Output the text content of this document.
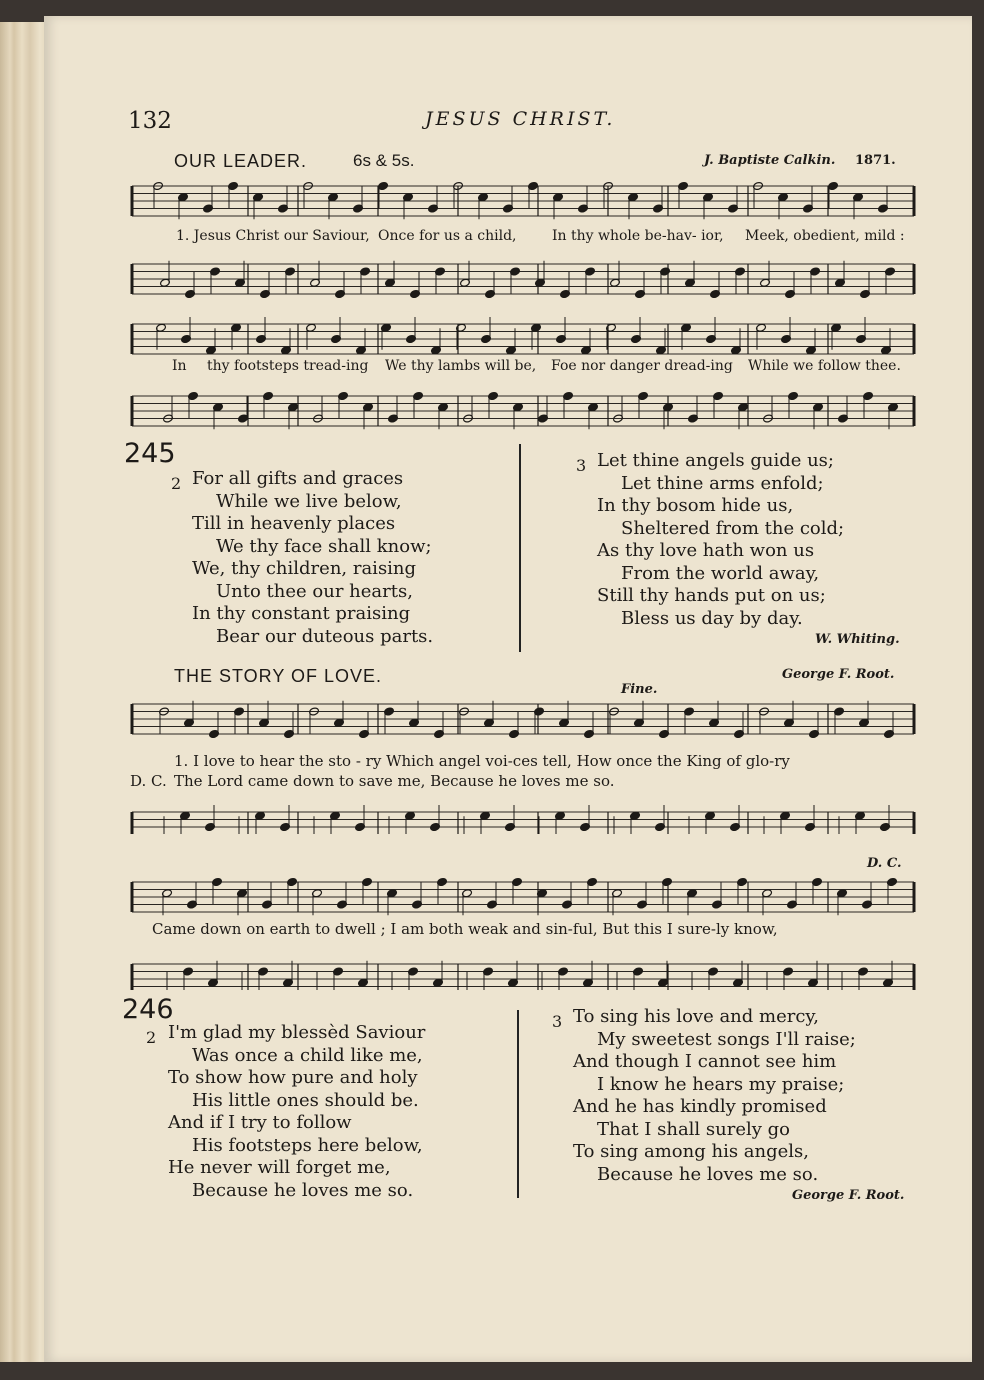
132	JESUS CHRIST.
OUR LEADER.	6s & 5s.	J. Baptiste Calkin. 1871.
1. Jesus Christ our Saviour, Once for us a child,	In thy whole be-hav- ior, Meek, obedient, mild :
In thy footsteps tread-ing We thy lambs will be, Foe nor danger dread-ing While we follow thee.
245
2 For all gifts and graces
While we live below,
Till in heavenly places
We thy face shall know;
We, thy children, raising
Unto thee our hearts,
In thy constant praising
Bear our duteous parts.
3 Let thine angels guide us;
Let thine arms enfold;
In thy bosom hide us,
Sheltered from the cold;
As thy love hath won us
From the world away,
Still thy hands put on us;
Bless us day by day.
W. Whiting.
THE STORY OF LOVE.	George F. Root.
Fine.
1. I love to hear the sto - ry Which angel voi-ces tell, How once the King of glo-ry
D. C. The Lord came down to save me, Because he loves me so.
D. C.
Came down on earth to dwell ; I am both weak and sin-ful, But this I sure-ly know,
246
2 I'm glad my blessèd Saviour
Was once a child like me,
To show how pure and holy
His little ones should be.
And if I try to follow
His footsteps here below,
He never will forget me,
Because he loves me so.
3 To sing his love and mercy,
My sweetest songs I'll raise;
And though I cannot see him
I know he hears my praise;
And he has kindly promised
That I shall surely go
To sing among his angels,
Because he loves me so.
George F. Root.
